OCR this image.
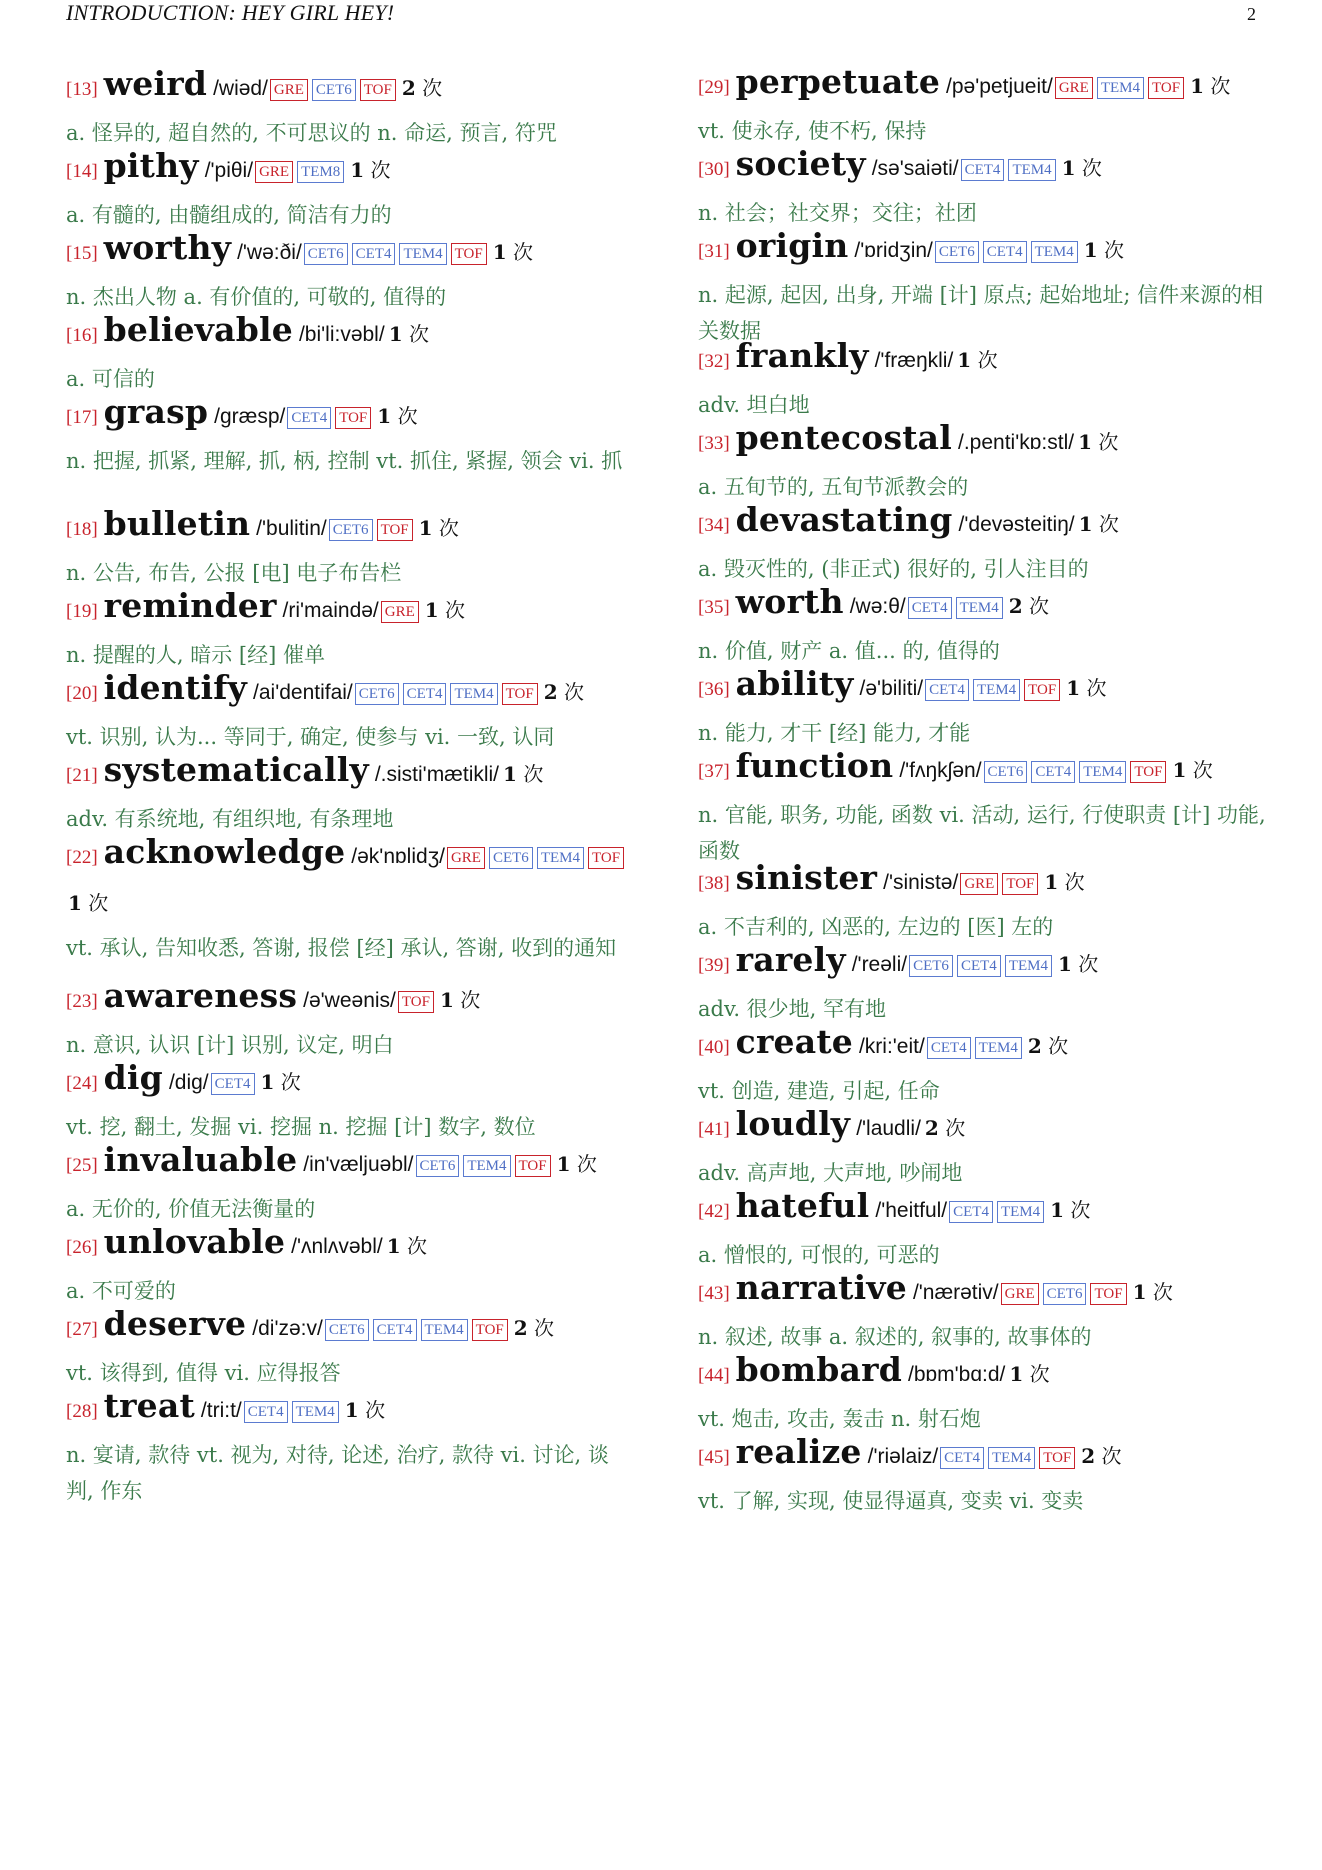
INTRODUCTION: HEY GIRL HEY!	2
[13] weird /wiəd/ GRE CET6 TOF 2 次
a. 怪异的, 超自然的, 不可思议的 n. 命运, 预言, 符咒
[14] pithy /'piθi/ GRE TEM8 1 次
a. 有髓的, 由髓组成的, 简洁有力的
[15] worthy /'wə:ði/ CET6 CET4 TEM4 TOF 1 次
n. 杰出人物 a. 有价值的, 可敬的, 值得的
[16] believable /bi'li:vəbl/ 1 次
a. 可信的
[17] grasp /græsp/ CET4 TOF 1 次
n. 把握, 抓紧, 理解, 抓, 柄, 控制 vt. 抓住, 紧握, 领会 vi. 抓
[18] bulletin /'bulitin/ CET6 TOF 1 次
n. 公告, 布告, 公报 [电] 电子布告栏
[19] reminder /ri'maində/ GRE 1 次
n. 提醒的人, 暗示 [经] 催单
[20] identify /ai'dentifai/ CET6 CET4 TEM4 TOF 2 次
vt. 识别, 认为... 等同于, 确定, 使参与 vi. 一致, 认同
[21] systematically /.sisti'mætikli/ 1 次
adv. 有系统地, 有组织地, 有条理地
[22] acknowledge /ək'nɒlidʒ/ GRE CET6 TEM4 TOF1 次
vt. 承认, 告知收悉, 答谢, 报偿 [经] 承认, 答谢, 收到的通知
[23] awareness /ə'weənis/ TOF 1 次
n. 意识, 认识 [计] 识别, 议定, 明白
[24] dig /dig/ CET4 1 次
vt. 挖, 翻土, 发掘 vi. 挖掘 n. 挖掘 [计] 数字, 数位
[25] invaluable /in'væljuəbl/ CET6 TEM4 TOF 1 次
a. 无价的, 价值无法衡量的
[26] unlovable /'ʌnlʌvəbl/ 1 次
a. 不可爱的
[27] deserve /di'zə:v/ CET6 CET4 TEM4 TOF 2 次
vt. 该得到, 值得 vi. 应得报答
[28] treat /tri:t/ CET4 TEM4 1 次
n. 宴请, 款待 vt. 视为, 对待, 论述, 治疗, 款待 vi. 讨论, 谈判, 作东
[29] perpetuate /pə'petjueit/ GRE TEM4 TOF 1 次
vt. 使永存, 使不朽, 保持
[30] society /sə'saiəti/ CET4 TEM4 1 次
n. 社会；社交界；交往；社团
[31] origin /'ɒridʒin/ CET6 CET4 TEM4 1 次
n. 起源, 起因, 出身, 开端 [计] 原点; 起始地址; 信件来源的相关数据
[32] frankly /'fræŋkli/ 1 次
adv. 坦白地
[33] pentecostal /.penti'kɒ:stl/ 1 次
a. 五旬节的, 五旬节派教会的
[34] devastating /'devəsteitiŋ/ 1 次
a. 毁灭性的, (非正式) 很好的, 引人注目的
[35] worth /wə:θ/ CET4 TEM4 2 次
n. 价值, 财产 a. 值... 的, 值得的
[36] ability /ə'biliti/ CET4 TEM4 TOF 1 次
n. 能力, 才干 [经] 能力, 才能
[37] function /'fʌŋkʃən/ CET6 CET4 TEM4 TOF 1 次
n. 官能, 职务, 功能, 函数 vi. 活动, 运行, 行使职责 [计] 功能, 函数
[38] sinister /'sinistə/ GRE TOF 1 次
a. 不吉利的, 凶恶的, 左边的 [医] 左的
[39] rarely /'reəli/ CET6 CET4 TEM4 1 次
adv. 很少地, 罕有地
[40] create /kri:'eit/ CET4 TEM4 2 次
vt. 创造, 建造, 引起, 任命
[41] loudly /'laudli/ 2 次
adv. 高声地, 大声地, 吵闹地
[42] hateful /'heitful/ CET4 TEM4 1 次
a. 憎恨的, 可恨的, 可恶的
[43] narrative /'nærətiv/ GRE CET6 TOF 1 次
n. 叙述, 故事 a. 叙述的, 叙事的, 故事体的
[44] bombard /bɒm'bɑ:d/ 1 次
vt. 炮击, 攻击, 轰击 n. 射石炮
[45] realize /'riəlaiz/ CET4 TEM4 TOF 2 次
vt. 了解, 实现, 使显得逼真, 变卖 vi. 变卖
